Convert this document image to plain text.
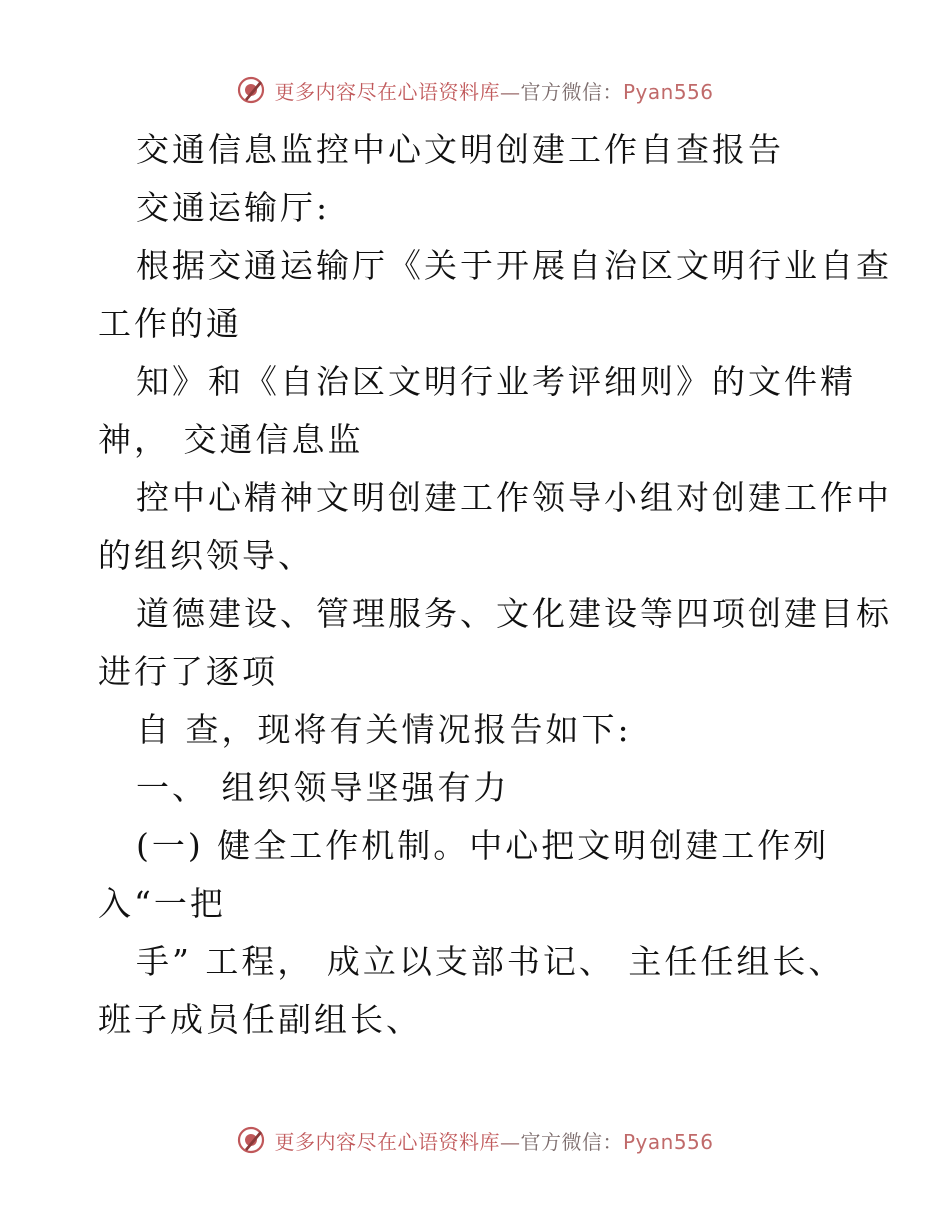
更多内容尽在心语资料库—官方微信：Pyan556
交通信息监控中心文明创建工作自查报告
交通运输厅:
根据交通运输厅《关于开展自治区文明行业自查
工作的通
知》和《自治区文明行业考评细则》的文件精
神， 交通信息监
控中心精神文明创建工作领导小组对创建工作中
的组织领导、
道德建设、管理服务、文化建设等四项创建目标
进行了逐项
自 查，现将有关情况报告如下:
一、 组织领导坚强有力
(一) 健全工作机制。中心把文明创建工作列
入“一把
手” 工程， 成立以支部书记、 主任任组长、
班子成员任副组长、
更多内容尽在心语资料库—官方微信：Pyan556
